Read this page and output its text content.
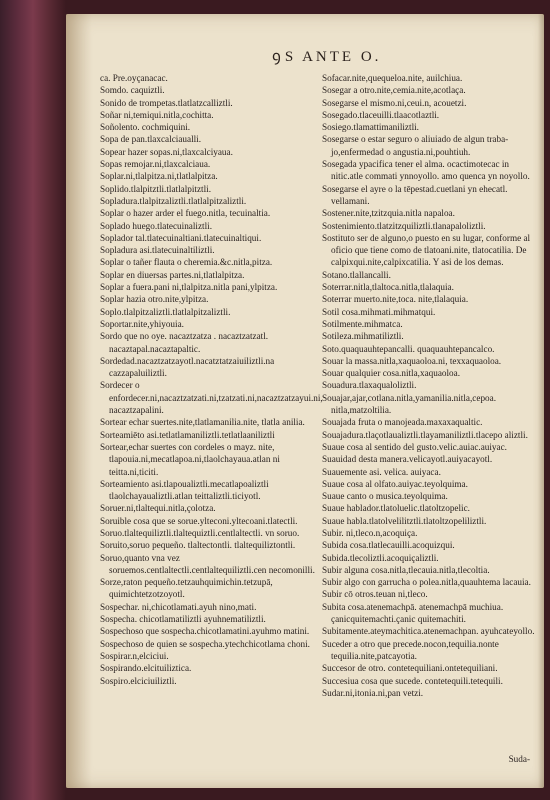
ꝯ S ANTE O.
ca. Pre.oyçanacac.
Somdo. caquiztli.
Sonido de trompetas.tlatlatzcalliztli.
Soñar ni,temiqui.nitla,cochitta.
Soñolento. cochmiquini.
Sopa de pan.tlaxcalciaualli.
Sopear hazer sopas.ni,tlaxcalciyaua.
Sopas remojar.ni,tlaxcalciaua.
Soplar.ni,tlalpitza.ni,tlatlalpitza.
Soplido.tlalpitztli.tlatlalpitztli.
Sopladura.tlalpitzaliztli.tlatlalpitzaliztli.
Soplar o hazer arder el fuego.nitla, tecuinaltia.
Soplado huego.tlatecuinaliztli.
Soplador tal.tlatecuinaltiani.tlatecuinaltiqui.
Sopladura asi.tlatecuinaltiliztli.
Soplar o tañer flauta o cheremia.&c.nitla,pitza.
Soplar en diuersas partes.ni,tlatlalpitza.
Soplar a fuera.pani ni,tlalpitza.nitla pani,ylpitza.
Soplar hazia otro.nite,ylpitza.
Soplo.tlalpitzaliztli.tlatlalpitzaliztli.
Soportar.nite,yhiyouia.
Sordo que no oye. nacaztzatza . nacaztzatzatl. nacaztapal.nacaztapaltic.
Sordedad.nacaztzatzayotl.nacatztatzaiuiliztli.na cazzapaluiliztli.
Sordecer o enfordecer.ni,nacaztzatzati.ni,tzatzati.ni,nacaztzatzayui.ni, nacaztzapalini.
Sortear echar suertes.nite,tlatlamanilia.nite, tlatla anilia.
Sorteamiēto asi.tetlatlamaniliztli.tetlatlaaniliztli
Sortear,echar suertes con cordeles o mayz. nite, tlapouia.ni,mecatlapoa.ni,tlaolchayaua.atlan ni teitta.ni,ticiti.
Sorteamiento asi.tlapoualiztli.mecatlapoaliztli tlaolchayaualiztli.atlan teittaliztli.ticiyotl.
Soruer.ni,tlaltequi.nitla,çolotza.
Soruible cosa que se sorue.ylteconi.yltecoani.tlatectli.
Soruo.tlaltequiliztli.tlaltequiztli.centlaltectli. vn soruo.
Soruito,soruo pequeño. tlaltectontli. tlaltequiliztontli.
Soruo,quanto vna vez soruemos.centlaltectli.centlaltequiliztli.cen necomonilli.
Sorze,raton pequeño.tetzauhquimichin.tetzupā, quimichtetzotzoyotl.
Sospechar. ni,chicotlamati.ayuh nino,mati.
Sospecha. chicotlamatiliztli ayuhnematiliztli.
Sospechoso que sospecha.chicotlamatini.ayuhmo matini.
Sospechoso de quien se sospecha.ytechchicotlama choni.
Sospirar.n,elciciui.
Sospirando.elcituiliztica.
Sospiro.elciciuiliztli.
Sofacar.nite,quequeloa.nite, auilchiua.
Sosegar a otro.nite,cemia.nite,acotlaça.
Sosegarse el mismo.ni,ceui.n, acouetzi.
Sosegado.tlaceuilli.tlaacotlaztli.
Sosiego.tlamattimaniliztli.
Sosegarse o estar seguro o aliuiado de algun traba- jo,enfermedad o angustia.ni,pouhtiuh.
Sosegada ypacifica tener el alma. ocactimotecac in nitic.atle commati ynnoyollo. amo quenca yn noyollo.
Sosegarse el ayre o la tēpestad.cuetlani yn ehecatl. vellamani.
Sostener.nite,tzitzquia.nitla napaloa.
Sostenimiento.tlatzitzquiliztli.tlanapaloliztli.
Sostituto ser de alguno,o puesto en su lugar, conforme al oficio que tiene como de tlatoani.nite, tlatocatilia. De calpixqui.nite,calpixcatilia. Y asi de los demas.
Sotano.tlallancalli.
Soterrar.nitla,tlaltoca.nitla,tlalaquia.
Soterrar muerto.nite,toca. nite,tlalaquia.
Sotil cosa.mihmati.mihmatqui.
Sotilmente.mihmatca.
Sotileza.mihmatiliztli.
Soto.quaquauhtepancalli. quaquauhtepancalco.
Souar la massa.nitla,xaquaoloa.ni, texxaquaoloa.
Souar qualquier cosa.nitla,xaquaoloa.
Souadura.tlaxaqualoliztli.
Souajar,ajar,cotlana.nitla,yamanilia.nitla,cepoa. nitla,matzoltilia.
Souajada fruta o manojeada.maxaxaqualtic.
Souajadura.tlaçotlaualiztli.tlayamaniliztli.tlacepo aliztli.
Suaue cosa al sentido del gusto.velic.auiac.auiyac.
Suauidad desta manera.velicayotl.auiyacayotl.
Suauemente asi. velica. auiyaca.
Suaue cosa al olfato.auiyac.teyolquima.
Suaue canto o musica.teyolquima.
Suaue hablador.tlatoluelic.tlatoltzopelic.
Suaue habla.tlatolvelilitztli.tlatoltzopeliliztli.
Subir. ni,tleco.n,acoquiça.
Subida cosa.tlatlecauilli.acoquizqui.
Subida.tlecoliztli.acoquiçaliztli.
Subir alguna cosa.nitla,tlecauia.nitla,tlecoltia.
Subir algo con garrucha o polea.nitla,quauhtema lacauia.
Subir cō otros.teuan ni,tleco.
Subita cosa.atenemachpā. atenemachpā muchiua. çanicquitemachti.çanic quitemachiti.
Subitamente.ateymachitica.atenemachpan. ayuhcateyollo.
Suceder a otro que precede.nocon,tequilia.nonte tequilia.nite,patcayotia.
Succesor de otro. contetequiliani.ontetequiliani.
Succesiua cosa que sucede. contetequili.tetequili.
Sudar.ni,itonia.ni,pan vetzi.
Suda-
